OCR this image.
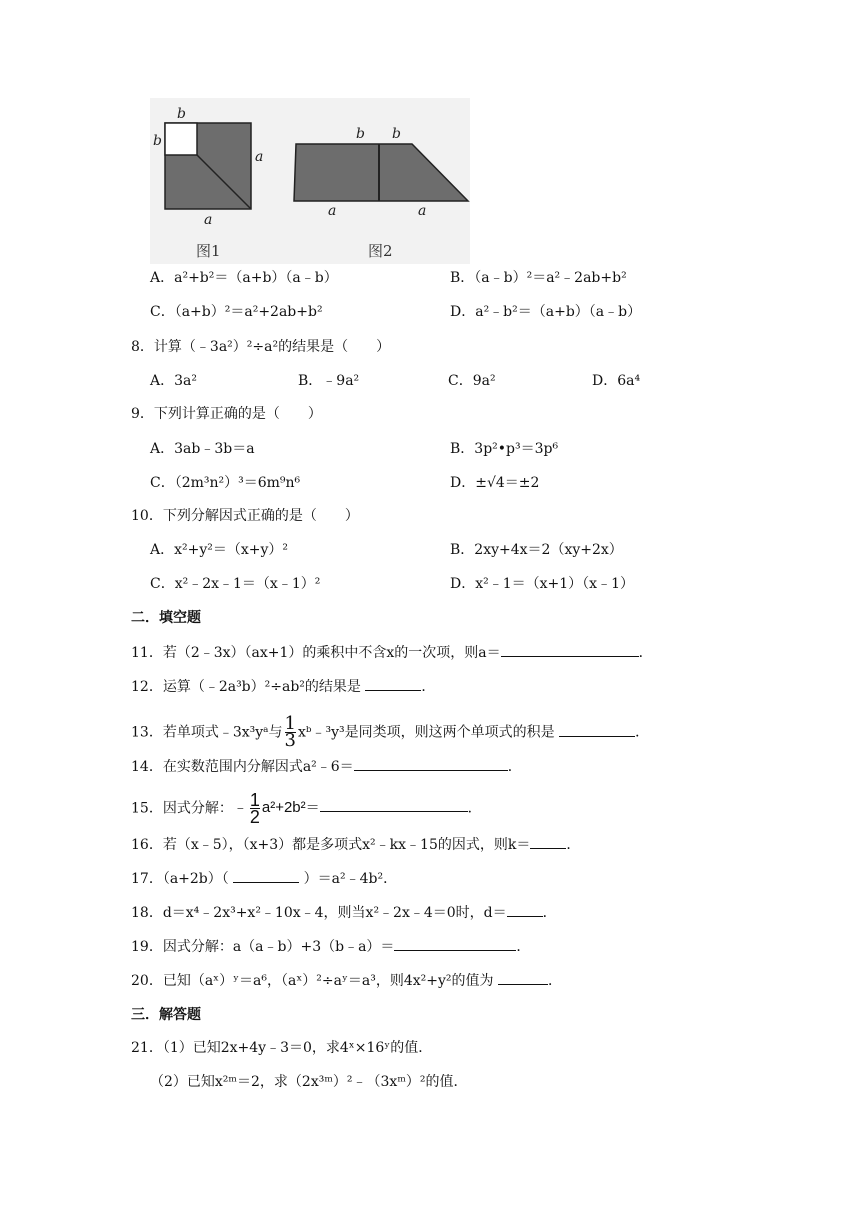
b
b
a
a
图1
b b
a	a
图2
A．a²+b²＝（a+b）（a﹣b）	B．（a﹣b）²＝a²﹣2ab+b²
C．（a+b）²＝a²+2ab+b²	D．a²﹣b²＝（a+b）（a﹣b）
8．计算（﹣3a²）²÷a²的结果是（　　）
A．3a²	B．﹣9a²	C．9a²	D．6a⁴
9．下列计算正确的是（　　）
A．3ab﹣3b＝a	B．3p²•p³＝3p⁶
C．（2m³n²）³＝6m⁹n⁶	D．±√4＝±2
10．下列分解因式正确的是（　　）
A．x²+y²＝（x+y）²	B．2xy+4x＝2（xy+2x）
C．x²﹣2x﹣1＝（x﹣1）²	D．x²﹣1＝（x+1）（x﹣1）
二．填空题
11．若（2﹣3x）（ax+1）的乘积中不含x的一次项，则a＝	．
12．运算（﹣2a³b）²÷ab²的结果是	．
13．若单项式﹣3x³yᵃ与 $\frac{1}{3}$ xᵇ﹣³y³是同类项，则这两个单项式的积是	．
14．在实数范围内分解因式a²﹣6＝	．
15．因式分解：﹣ $\frac{1}{2} a^2+2b^2=$	．
16．若（x﹣5），（x+3）都是多项式x²﹣kx﹣15的因式，则k＝	．
17．（a+2b）（	）＝a²﹣4b²．
18．d＝x⁴﹣2x³+x²﹣10x﹣4，则当x²﹣2x﹣4＝0时，d＝	．
19．因式分解：a（a﹣b）+3（b﹣a）＝	．
20．已知（aˣ）ʸ＝a⁶，（aˣ）²÷aʸ＝a³，则4x²+y²的值为	．
三．解答题
21．（1）已知2x+4y﹣3＝0，求4ˣ×16ʸ的值．
（2）已知x²ᵐ＝2，求（2x³ᵐ）²﹣（3xᵐ）²的值．
